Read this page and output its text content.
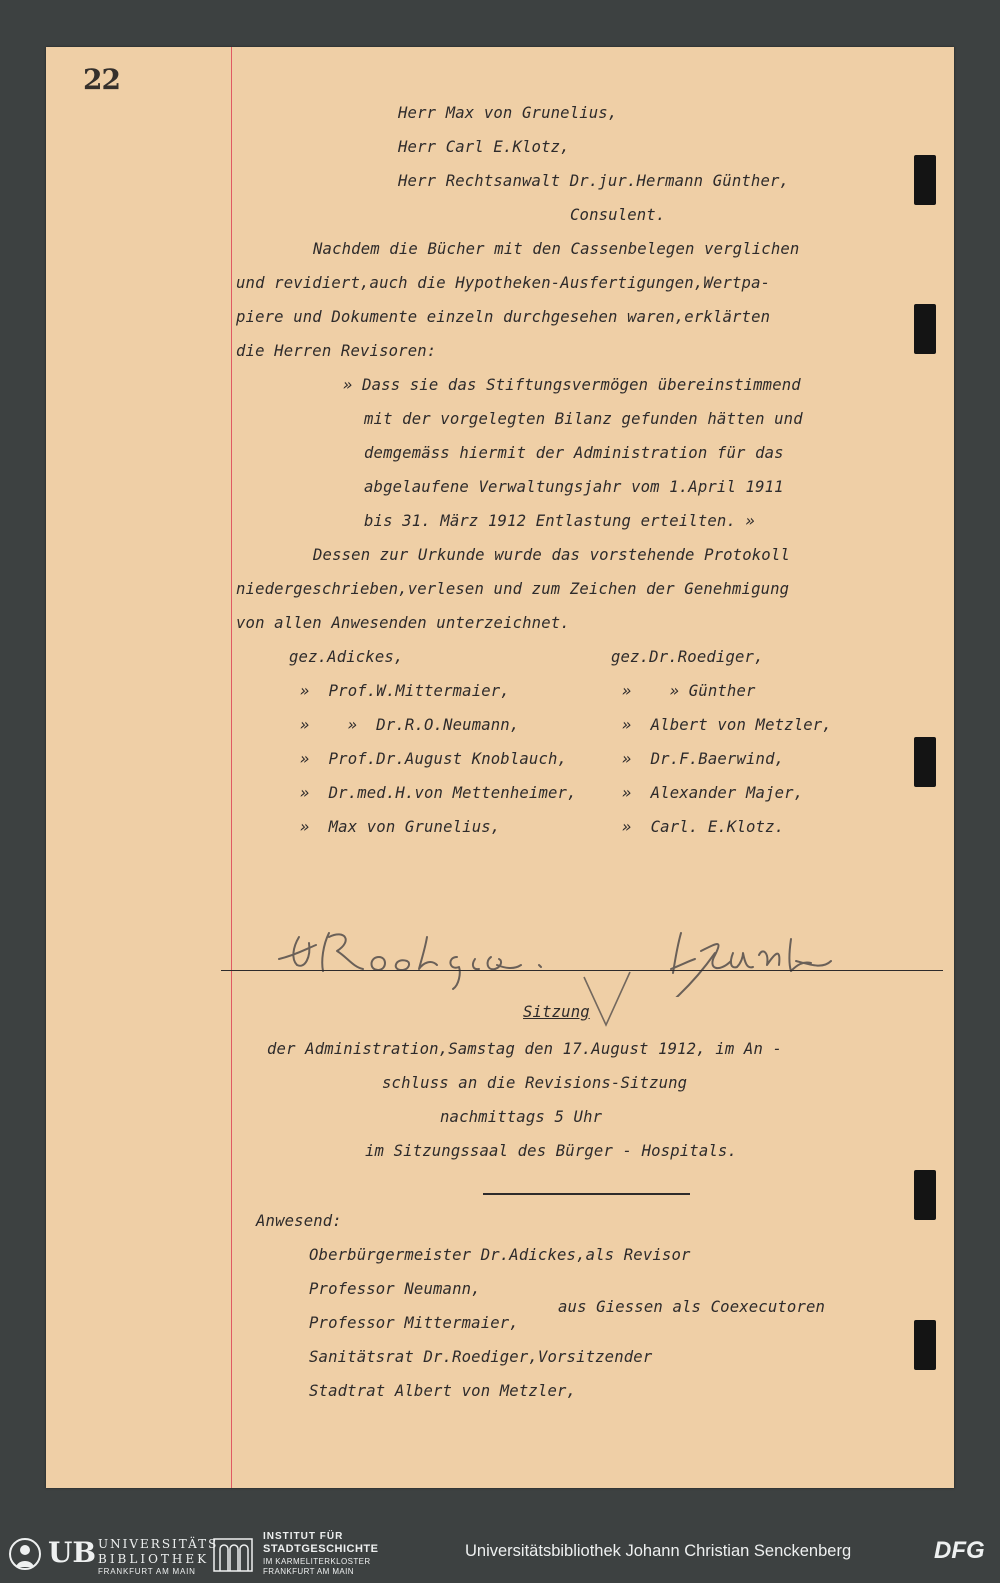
22
Herr Max von Grunelius,
Herr Carl E.Klotz,
Herr Rechtsanwalt Dr.jur.Hermann Günther,
Consulent.
Nachdem die Bücher mit den Cassenbelegen verglichen
und revidiert,auch die Hypotheken-Ausfertigungen,Wertpa-
piere und Dokumente einzeln durchgesehen waren,erklärten
die Herren Revisoren:
» Dass sie das Stiftungsvermögen übereinstimmend
mit der vorgelegten Bilanz gefunden hätten und
demgemäss hiermit der Administration für das
abgelaufene Verwaltungsjahr vom 1.April 1911
bis 31. März 1912 Entlastung erteilten. »
Dessen zur Urkunde wurde das vorstehende Protokoll
niedergeschrieben,verlesen und zum Zeichen der Genehmigung
von allen Anwesenden unterzeichnet.
gez.Adickes,
»  Prof.W.Mittermaier,
»    »  Dr.R.O.Neumann,
»  Prof.Dr.August Knoblauch,
»  Dr.med.H.von Mettenheimer,
»  Max von Grunelius,
gez.Dr.Roediger,
»    » Günther
»  Albert von Metzler,
»  Dr.F.Baerwind,
»  Alexander Majer,
»  Carl. E.Klotz.
Sitzung
der Administration,Samstag den 17.August 1912, im An -
schluss an die Revisions-Sitzung
nachmittags 5 Uhr
im Sitzungssaal des Bürger - Hospitals.
Anwesend:
Oberbürgermeister Dr.Adickes,als Revisor
Professor Neumann,
Professor Mittermaier,
aus Giessen als Coexecutoren
Sanitätsrat Dr.Roediger,Vorsitzender
Stadtrat Albert von Metzler,
UB UNIVERSITÄTS
BIBLIOTHEK
FRANKFURT AM MAIN
INSTITUT FÜR
STADTGESCHICHTE
IM KARMELITERKLOSTER
FRANKFURT AM MAIN
Universitätsbibliothek Johann Christian Senckenberg	DFG
